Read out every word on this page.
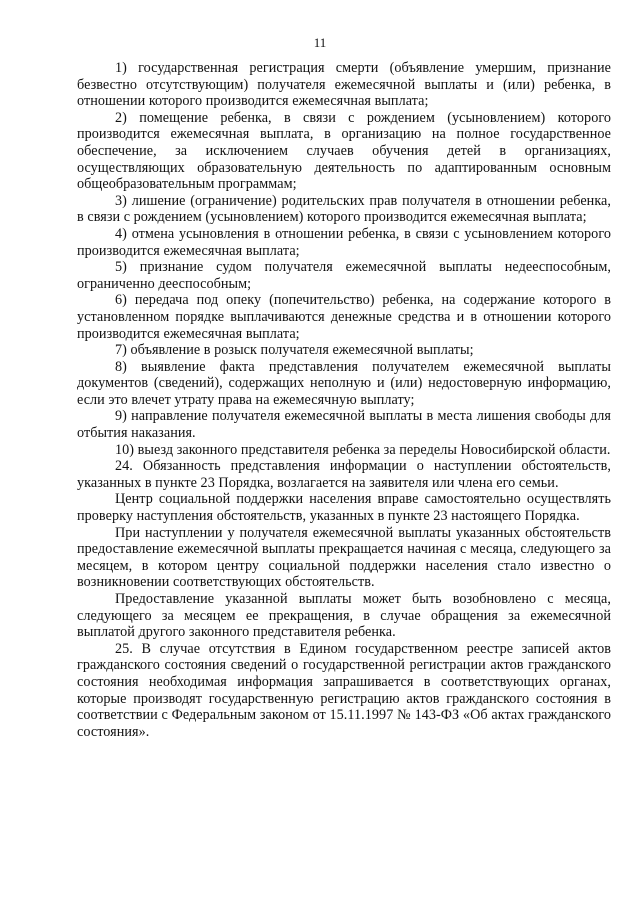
11

1) государственная регистрация смерти (объявление умершим, признание безвестно отсутствующим) получателя ежемесячной выплаты и (или) ребенка, в отношении которого производится ежемесячная выплата;

2) помещение ребенка, в связи с рождением (усыновлением) которого производится ежемесячная выплата, в организацию на полное государственное обеспечение, за исключением случаев обучения детей в организациях, осуществляющих образовательную деятельность по адаптированным основным общеобразовательным программам;

3) лишение (ограничение) родительских прав получателя в отношении ребенка, в связи с рождением (усыновлением) которого производится ежемесячная выплата;

4) отмена усыновления в отношении ребенка, в связи с усыновлением которого производится ежемесячная выплата;

5) признание судом получателя ежемесячной выплаты недееспособным, ограниченно дееспособным;

6) передача под опеку (попечительство) ребенка, на содержание которого в установленном порядке выплачиваются денежные средства и в отношении которого производится ежемесячная выплата;

7) объявление в розыск получателя ежемесячной выплаты;

8) выявление факта представления получателем ежемесячной выплаты документов (сведений), содержащих неполную и (или) недостоверную информацию, если это влечет утрату права на ежемесячную выплату;

9) направление получателя ежемесячной выплаты в места лишения свободы для отбытия наказания.

10) выезд законного представителя ребенка за переделы Новосибирской области.

24. Обязанность представления информации о наступлении обстоятельств, указанных в пункте 23 Порядка, возлагается на заявителя или члена его семьи.

Центр социальной поддержки населения вправе самостоятельно осуществлять проверку наступления обстоятельств, указанных в пункте 23 настоящего Порядка.

При наступлении у получателя ежемесячной выплаты указанных обстоятельств предоставление ежемесячной выплаты прекращается начиная с месяца, следующего за месяцем, в котором центру социальной поддержки населения стало известно о возникновении соответствующих обстоятельств.

Предоставление указанной выплаты может быть возобновлено с месяца, следующего за месяцем ее прекращения, в случае обращения за ежемесячной выплатой другого законного представителя ребенка.

25. В случае отсутствия в Едином государственном реестре записей актов гражданского состояния сведений о государственной регистрации актов гражданского состояния необходимая информация запрашивается в соответствующих органах, которые производят государственную регистрацию актов гражданского состояния в соответствии с Федеральным законом от 15.11.1997 № 143-ФЗ «Об актах гражданского состояния».
